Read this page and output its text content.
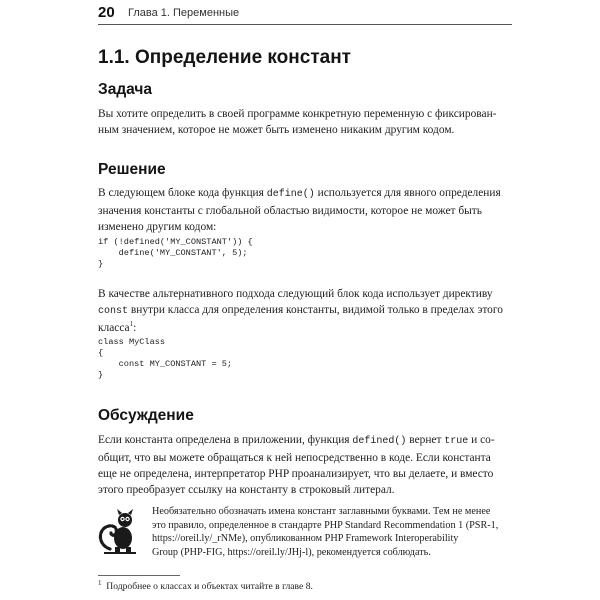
20 Глава 1. Переменные
1.1. Определение констант
Задача
Вы хотите определить в своей программе конкретную переменную с фиксирован-
ным значением, которое не может быть изменено никаким другим кодом.
Решение
В следующем блоке кода функция define() используется для явного определения
значения константы с глобальной областью видимости, которое не может быть
изменено другим кодом:
if (!defined('MY_CONSTANT')) {
define('MY_CONSTANT', 5);
}
В качестве альтернативного подхода следующий блок кода использует директиву
const внутри класса для определения константы, видимой только в пределах этого
класса$^1$:
class MyClass
{
const MY_CONSTANT = 5;
}
Обсуждение
Если константа определена в приложении, функция defined() вернет true и со-
общит, что вы можете обращаться к ней непосредственно в коде. Если константа
еще не определена, интерпретатор PHP проанализирует, что вы делаете, и вместо
этого преобразует ссылку на константу в строковый литерал.
Необязательно обозначать имена констант заглавными буквами. Тем не менее
это правило, определенное в стандарте PHP Standard Recommendation 1 (PSR-1,
https://oreil.ly/_rNMe), опубликованном PHP Framework Interoperability
Group (PHP-FIG, https://oreil.ly/JHj-l), рекомендуется соблюдать.
$^1$ Подробнее о классах и объектах читайте в главе 8.
